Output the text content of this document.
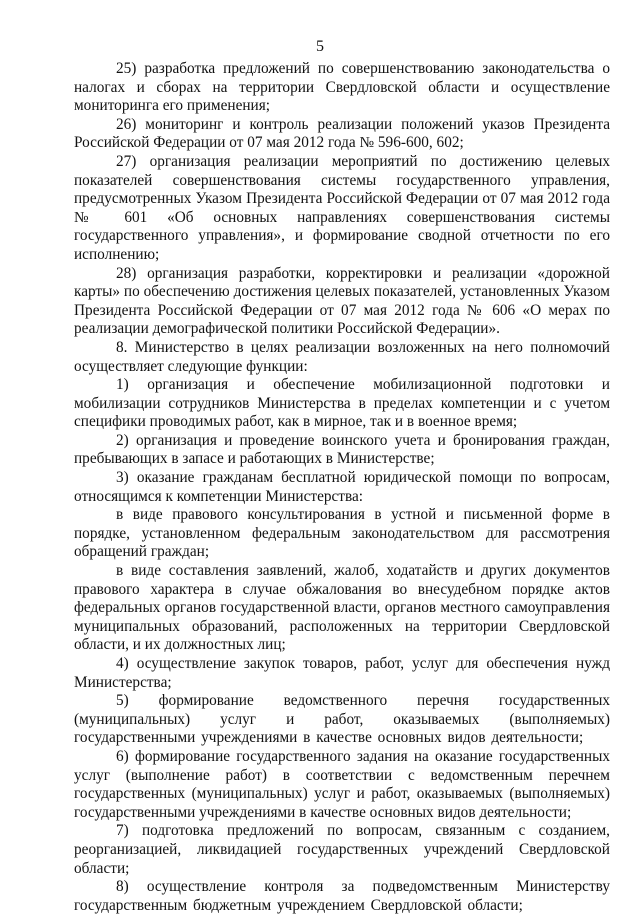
5

25) разработка предложений по совершенствованию законодательства о налогах и сборах на территории Свердловской области и осуществление мониторинга его применения;

26) мониторинг и контроль реализации положений указов Президента Российской Федерации от 07 мая 2012 года № 596-600, 602;

27) организация реализации мероприятий по достижению целевых показателей совершенствования системы государственного управления, предусмотренных Указом Президента Российской Федерации от 07 мая 2012 года № 601 «Об основных направлениях совершенствования системы государственного управления», и формирование сводной отчетности по его исполнению;

28) организация разработки, корректировки и реализации «дорожной карты» по обеспечению достижения целевых показателей, установленных Указом Президента Российской Федерации от 07 мая 2012 года № 606 «О мерах по реализации демографической политики Российской Федерации».

8. Министерство в целях реализации возложенных на него полномочий осуществляет следующие функции:

1) организация и обеспечение мобилизационной подготовки и мобилизации сотрудников Министерства в пределах компетенции и с учетом специфики проводимых работ, как в мирное, так и в военное время;

2) организация и проведение воинского учета и бронирования граждан, пребывающих в запасе и работающих в Министерстве;

3) оказание гражданам бесплатной юридической помощи по вопросам, относящимся к компетенции Министерства:

в виде правового консультирования в устной и письменной форме в порядке, установленном федеральным законодательством для рассмотрения обращений граждан;

в виде составления заявлений, жалоб, ходатайств и других документов правового характера в случае обжалования во внесудебном порядке актов федеральных органов государственной власти, органов местного самоуправления муниципальных образований, расположенных на территории Свердловской области, и их должностных лиц;

4) осуществление закупок товаров, работ, услуг для обеспечения нужд Министерства;

5) формирование ведомственного перечня государственных (муниципальных) услуг и работ, оказываемых (выполняемых) государственными учреждениями в качестве основных видов деятельности;

6) формирование государственного задания на оказание государственных услуг (выполнение работ) в соответствии с ведомственным перечнем государственных (муниципальных) услуг и работ, оказываемых (выполняемых) государственными учреждениями в качестве основных видов деятельности;

7) подготовка предложений по вопросам, связанным с созданием, реорганизацией, ликвидацией государственных учреждений Свердловской области;

8) осуществление контроля за подведомственным Министерству государственным бюджетным учреждением Свердловской области;
